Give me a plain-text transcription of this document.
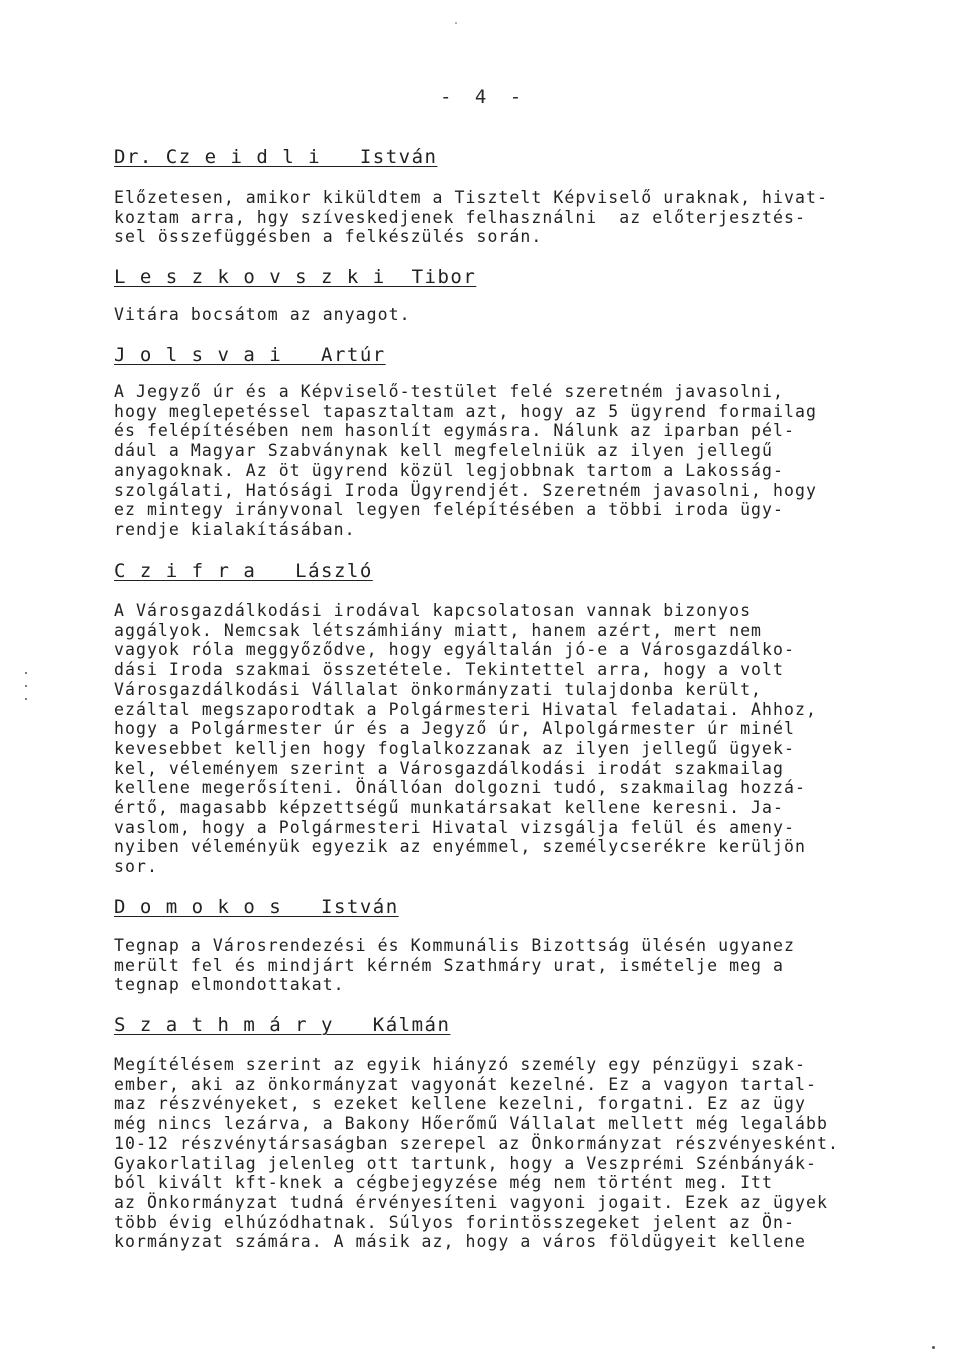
- 4 -
Dr. Cz e i d l i   István
Előzetesen, amikor kiküldtem a Tisztelt Képviselő uraknak, hivat-
koztam arra, hgy szíveskedjenek felhasználni  az előterjesztés-
sel összefüggésben a felkészülés során.
L e s z k o v s z k i  Tibor
Vitára bocsátom az anyagot.
J o l s v a i   Artúr
A Jegyző úr és a Képviselő-testület felé szeretném javasolni,
hogy meglepetéssel tapasztaltam azt, hogy az 5 ügyrend formailag
és felépítésében nem hasonlít egymásra. Nálunk az iparban pél-
dául a Magyar Szabványnak kell megfelelniük az ilyen jellegű
anyagoknak. Az öt ügyrend közül legjobbnak tartom a Lakosság-
szolgálati, Hatósági Iroda Ügyrendjét. Szeretném javasolni, hogy
ez mintegy irányvonal legyen felépítésében a többi iroda ügy-
rendje kialakításában.
C z i f r a   László
A Városgazdálkodási irodával kapcsolatosan vannak bizonyos
aggályok. Nemcsak létszámhiány miatt, hanem azért, mert nem
vagyok róla meggyőződve, hogy egyáltalán jó-e a Városgazdálko-
dási Iroda szakmai összetétele. Tekintettel arra, hogy a volt
Városgazdálkodási Vállalat önkormányzati tulajdonba került,
ezáltal megszaporodtak a Polgármesteri Hivatal feladatai. Ahhoz,
hogy a Polgármester úr és a Jegyző úr, Alpolgármester úr minél
kevesebbet kelljen hogy foglalkozzanak az ilyen jellegű ügyek-
kel, véleményem szerint a Városgazdálkodási irodát szakmailag
kellene megerősíteni. Önállóan dolgozni tudó, szakmailag hozzá-
értő, magasabb képzettségű munkatársakat kellene keresni. Ja-
vaslom, hogy a Polgármesteri Hivatal vizsgálja felül és ameny-
nyiben véleményük egyezik az enyémmel, személycserékre kerüljön
sor.
D o m o k o s   István
Tegnap a Városrendezési és Kommunális Bizottság ülésén ugyanez
merült fel és mindjárt kérném Szathmáry urat, ismételje meg a
tegnap elmondottakat.
S z a t h m á r y   Kálmán
Megítélésem szerint az egyik hiányzó személy egy pénzügyi szak-
ember, aki az önkormányzat vagyonát kezelné. Ez a vagyon tartal-
maz részvényeket, s ezeket kellene kezelni, forgatni. Ez az ügy
még nincs lezárva, a Bakony Hőerőmű Vállalat mellett még legalább
10-12 részvénytársaságban szerepel az Önkormányzat részvényesként.
Gyakorlatilag jelenleg ott tartunk, hogy a Veszprémi Szénbányák-
ból kivált kft-knek a cégbejegyzése még nem történt meg. Itt
az Önkormányzat tudná érvényesíteni vagyoni jogait. Ezek az ügyek
több évig elhúzódhatnak. Súlyos forintösszegeket jelent az Ön-
kormányzat számára. A másik az, hogy a város földügyeit kellene
